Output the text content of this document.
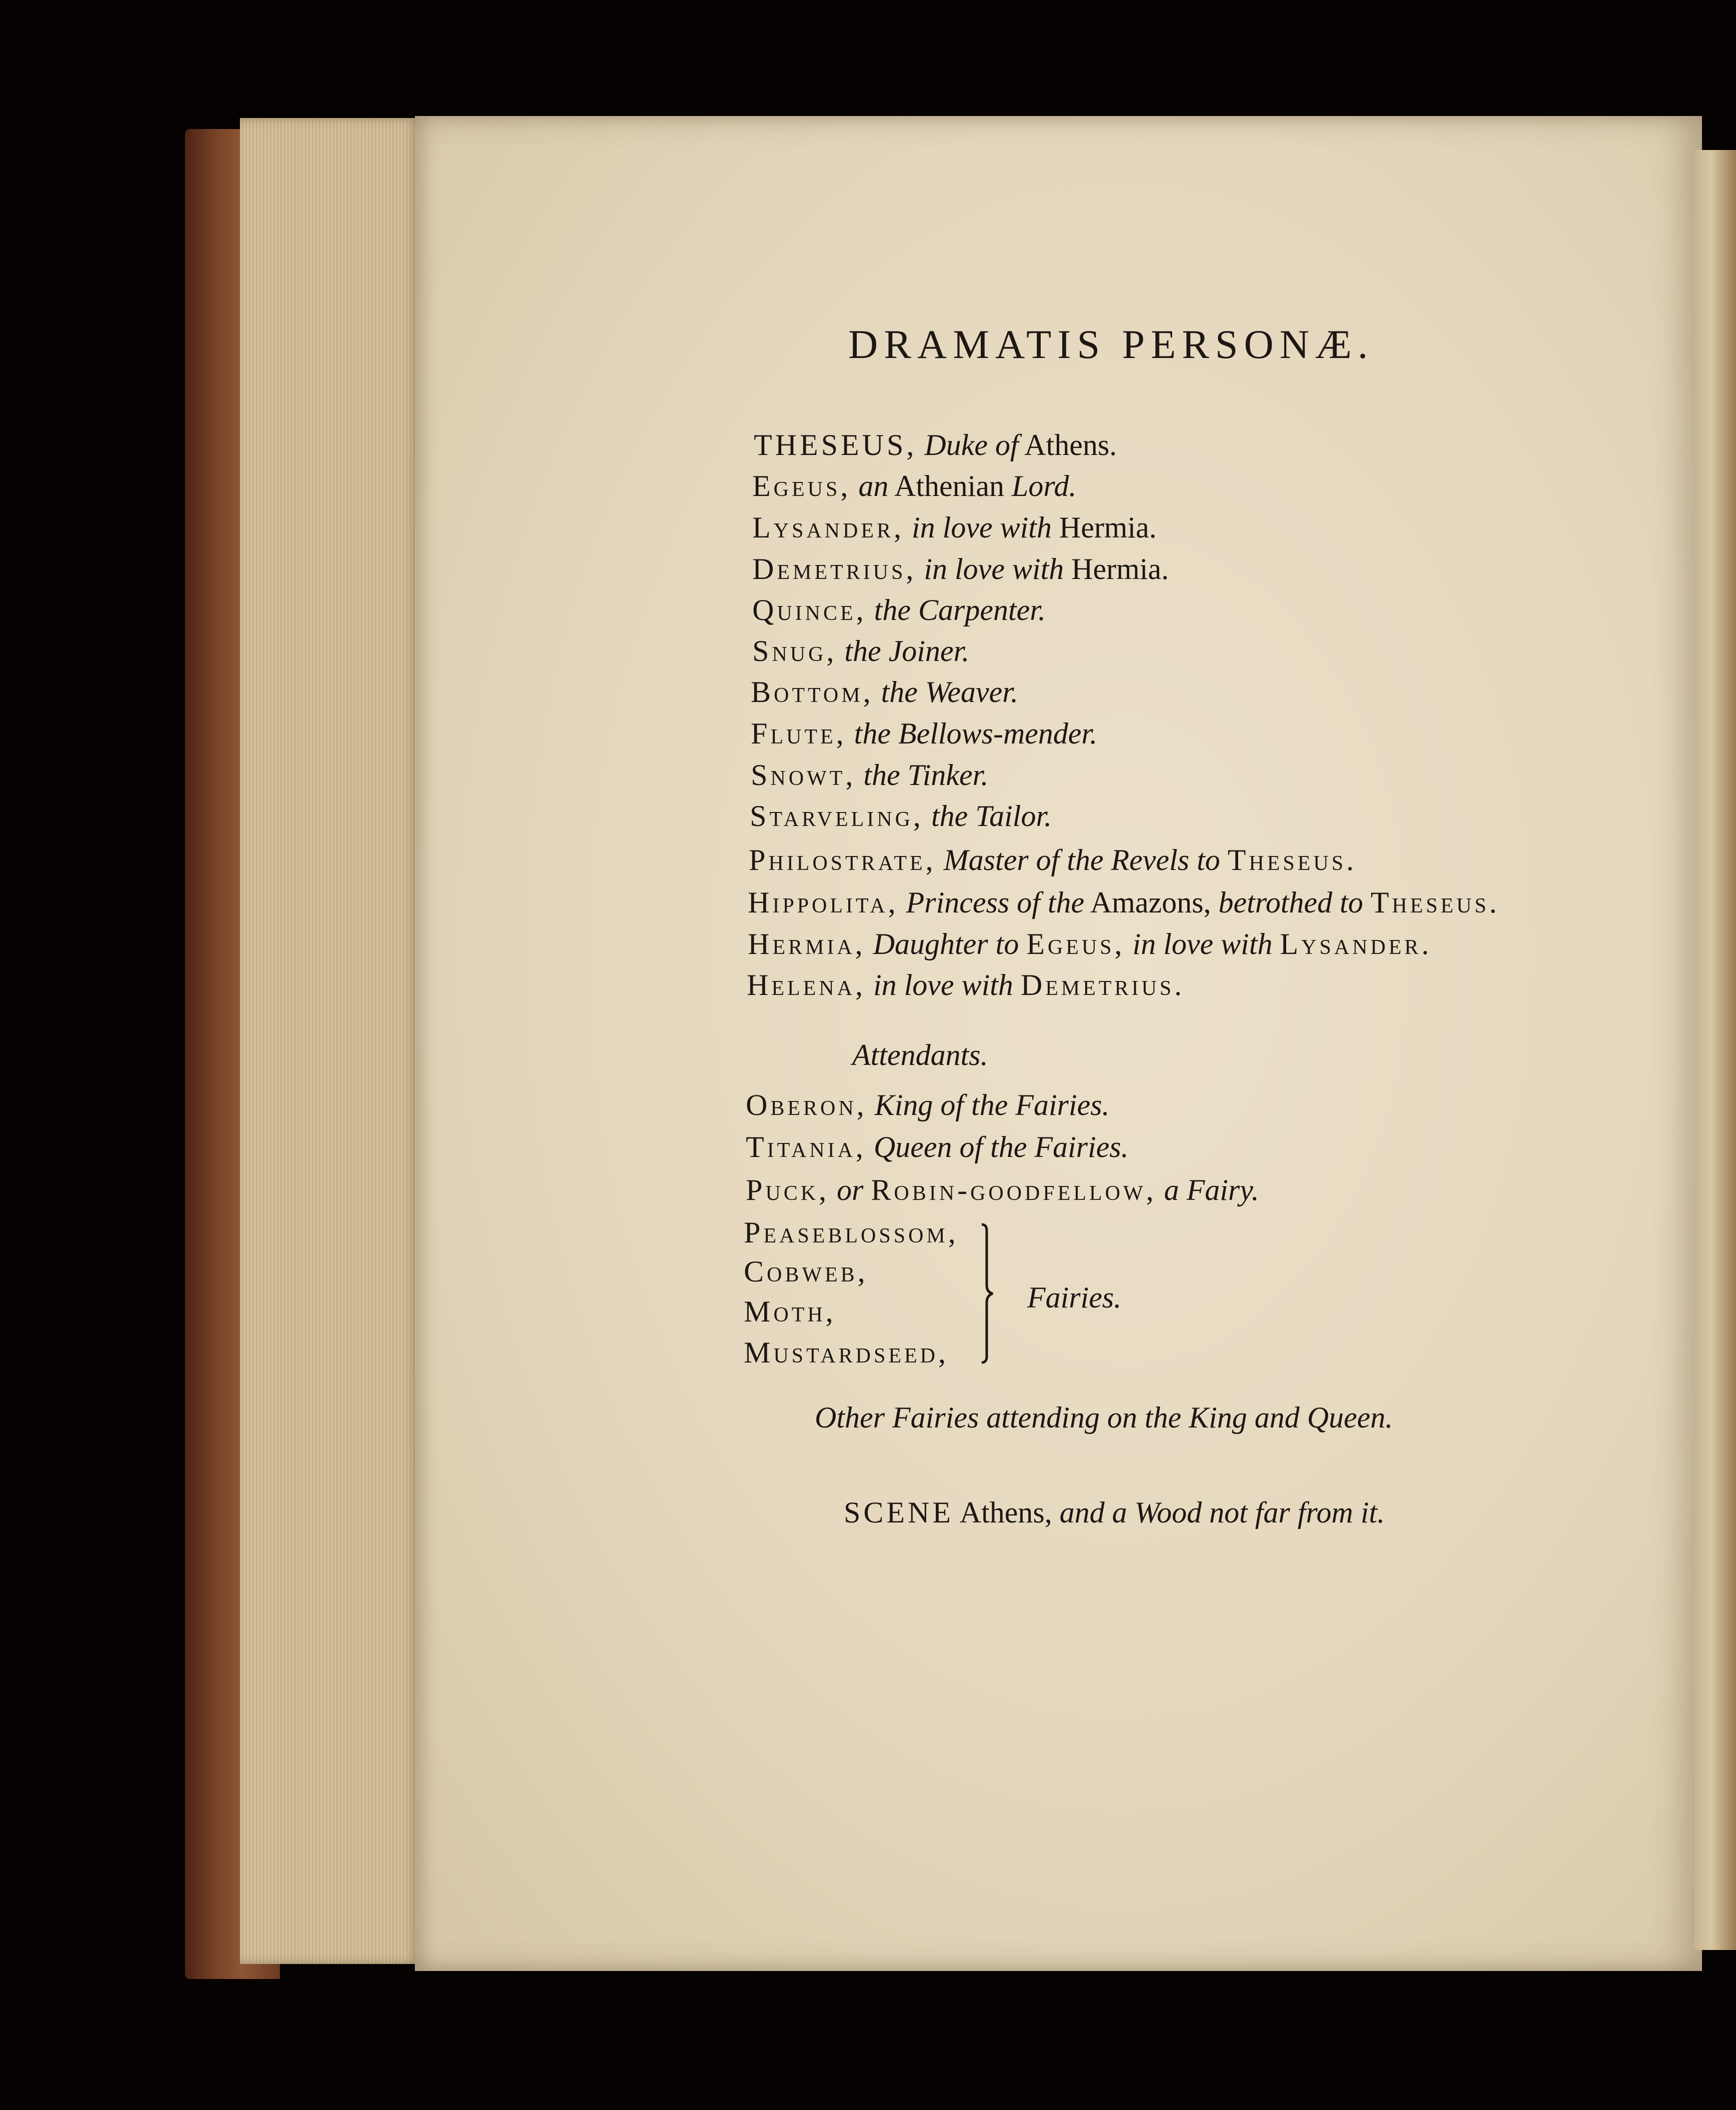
DRAMATIS PERSONÆ.
THESEUS, Duke of Athens.
Egeus, an Athenian Lord.
Lysander, in love with Hermia.
Demetrius, in love with Hermia.
Quince, the Carpenter.
Snug, the Joiner.
Bottom, the Weaver.
Flute, the Bellows-mender.
Snowt, the Tinker.
Starveling, the Tailor.
Philostrate, Master of the Revels to Theseus.
Hippolita, Princess of the Amazons, betrothed to Theseus.
Hermia, Daughter to Egeus, in love with Lysander.
Helena, in love with Demetrius.
Attendants.
Oberon, King of the Fairies.
Titania, Queen of the Fairies.
Puck, or Robin-goodfellow, a Fairy.
Peaseblossom,
Cobweb,
Moth,
Mustardseed,
Fairies.
Other Fairies attending on the King and Queen.
SCENE Athens, and a Wood not far from it.
